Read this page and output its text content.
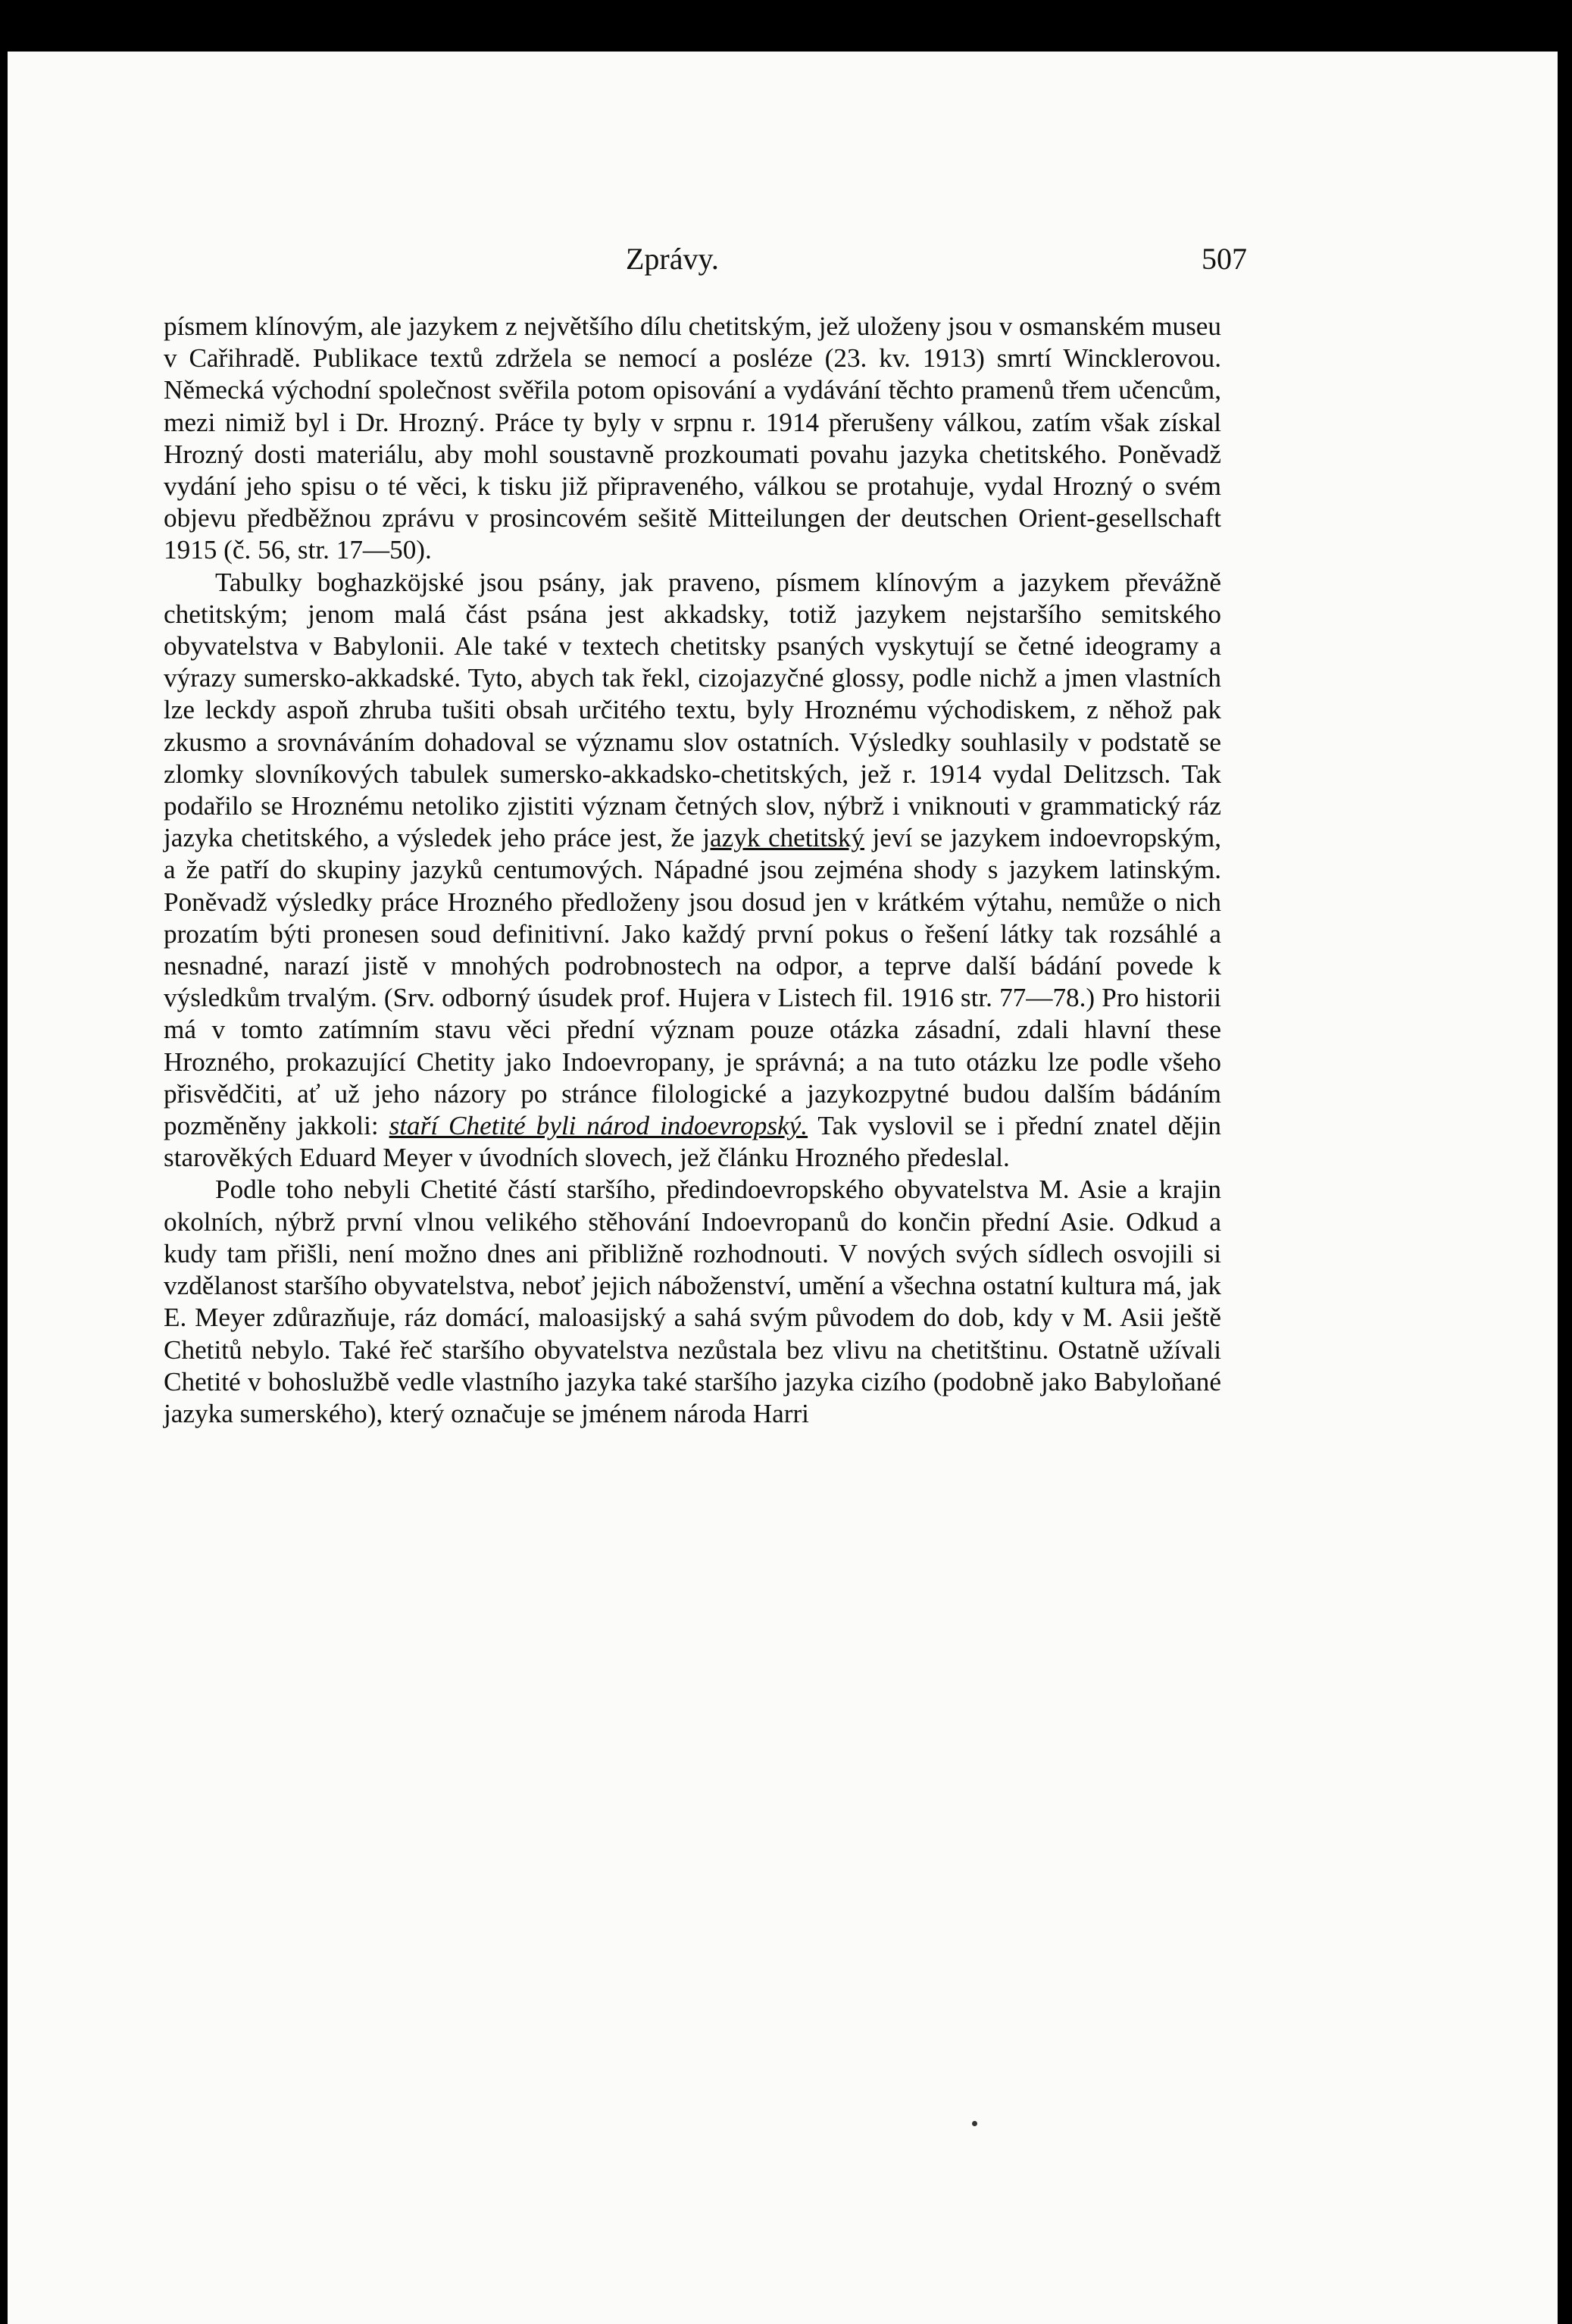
Zprávy.	507

písmem klínovým, ale jazykem z největšího dílu chetitským, jež uloženy jsou v osmanském museu v Cařihradě. Publikace textů zdržela se nemocí a posléze (23. kv. 1913) smrtí Wincklerovou. Německá východní společnost svěřila potom opisování a vydávání těchto pramenů třem učencům, mezi nimiž byl i Dr. Hrozný. Práce ty byly v srpnu r. 1914 přerušeny válkou, zatím však získal Hrozný dosti materiálu, aby mohl soustavně prozkoumati povahu jazyka chetitského. Poněvadž vydání jeho spisu o té věci, k tisku již připraveného, válkou se protahuje, vydal Hrozný o svém objevu předběžnou zprávu v prosincovém sešitě Mitteilungen der deutschen Orient-gesellschaft 1915 (č. 56, str. 17—50).

Tabulky boghazköjské jsou psány, jak praveno, písmem klínovým a jazykem převážně chetitským; jenom malá část psána jest akkadsky, totiž jazykem nejstaršího semitského obyvatelstva v Babylonii. Ale také v textech chetitsky psaných vyskytují se četné ideogramy a výrazy sumersko-akkadské. Tyto, abych tak řekl, cizojazyčné glossy, podle nichž a jmen vlastních lze leckdy aspoň zhruba tušiti obsah určitého textu, byly Hroznému východiskem, z něhož pak zkusmo a srovnáváním dohadoval se významu slov ostatních. Výsledky souhlasily v podstatě se zlomky slovníkových tabulek sumersko-akkadsko-chetitských, jež r. 1914 vydal Delitzsch. Tak podařilo se Hroznému netoliko zjistiti význam četných slov, nýbrž i vniknouti v grammatický ráz jazyka chetitského, a výsledek jeho práce jest, že jazyk chetitský jeví se jazykem indoevropským, a že patří do skupiny jazyků centumových. Nápadné jsou zejména shody s jazykem latinským. Poněvadž výsledky práce Hrozného předloženy jsou dosud jen v krátkém výtahu, nemůže o nich prozatím býti pronesen soud definitivní. Jako každý první pokus o řešení látky tak rozsáhlé a nesnadné, narazí jistě v mnohých podrobnostech na odpor, a teprve další bádání povede k výsledkům trvalým. (Srv. odborný úsudek prof. Hujera v Listech fil. 1916 str. 77—78.) Pro historii má v tomto zatímním stavu věci přední význam pouze otázka zásadní, zdali hlavní these Hrozného, prokazující Chetity jako Indoevropany, je správná; a na tuto otázku lze podle všeho přisvědčiti, ať už jeho názory po stránce filologické a jazykozpytné budou dalším bádáním pozměněny jakkoli: staří Chetité byli národ indoevropský. Tak vyslovil se i přední znatel dějin starověkých Eduard Meyer v úvodních slovech, jež článku Hrozného předeslal.

Podle toho nebyli Chetité částí staršího, předindoevropského obyvatelstva M. Asie a krajin okolních, nýbrž první vlnou velikého stěhování Indoevropanů do končin přední Asie. Odkud a kudy tam přišli, není možno dnes ani přibližně rozhodnouti. V nových svých sídlech osvojili si vzdělanost staršího obyvatelstva, neboť jejich náboženství, umění a všechna ostatní kultura má, jak E. Meyer zdůrazňuje, ráz domácí, maloasijský a sahá svým původem do dob, kdy v M. Asii ještě Chetitů nebylo. Také řeč staršího obyvatelstva nezůstala bez vlivu na chetitštinu. Ostatně užívali Chetité v bohoslužbě vedle vlastního jazyka také staršího jazyka cizího (podobně jako Babyloňané jazyka sumerského), který označuje se jménem národa Harri
